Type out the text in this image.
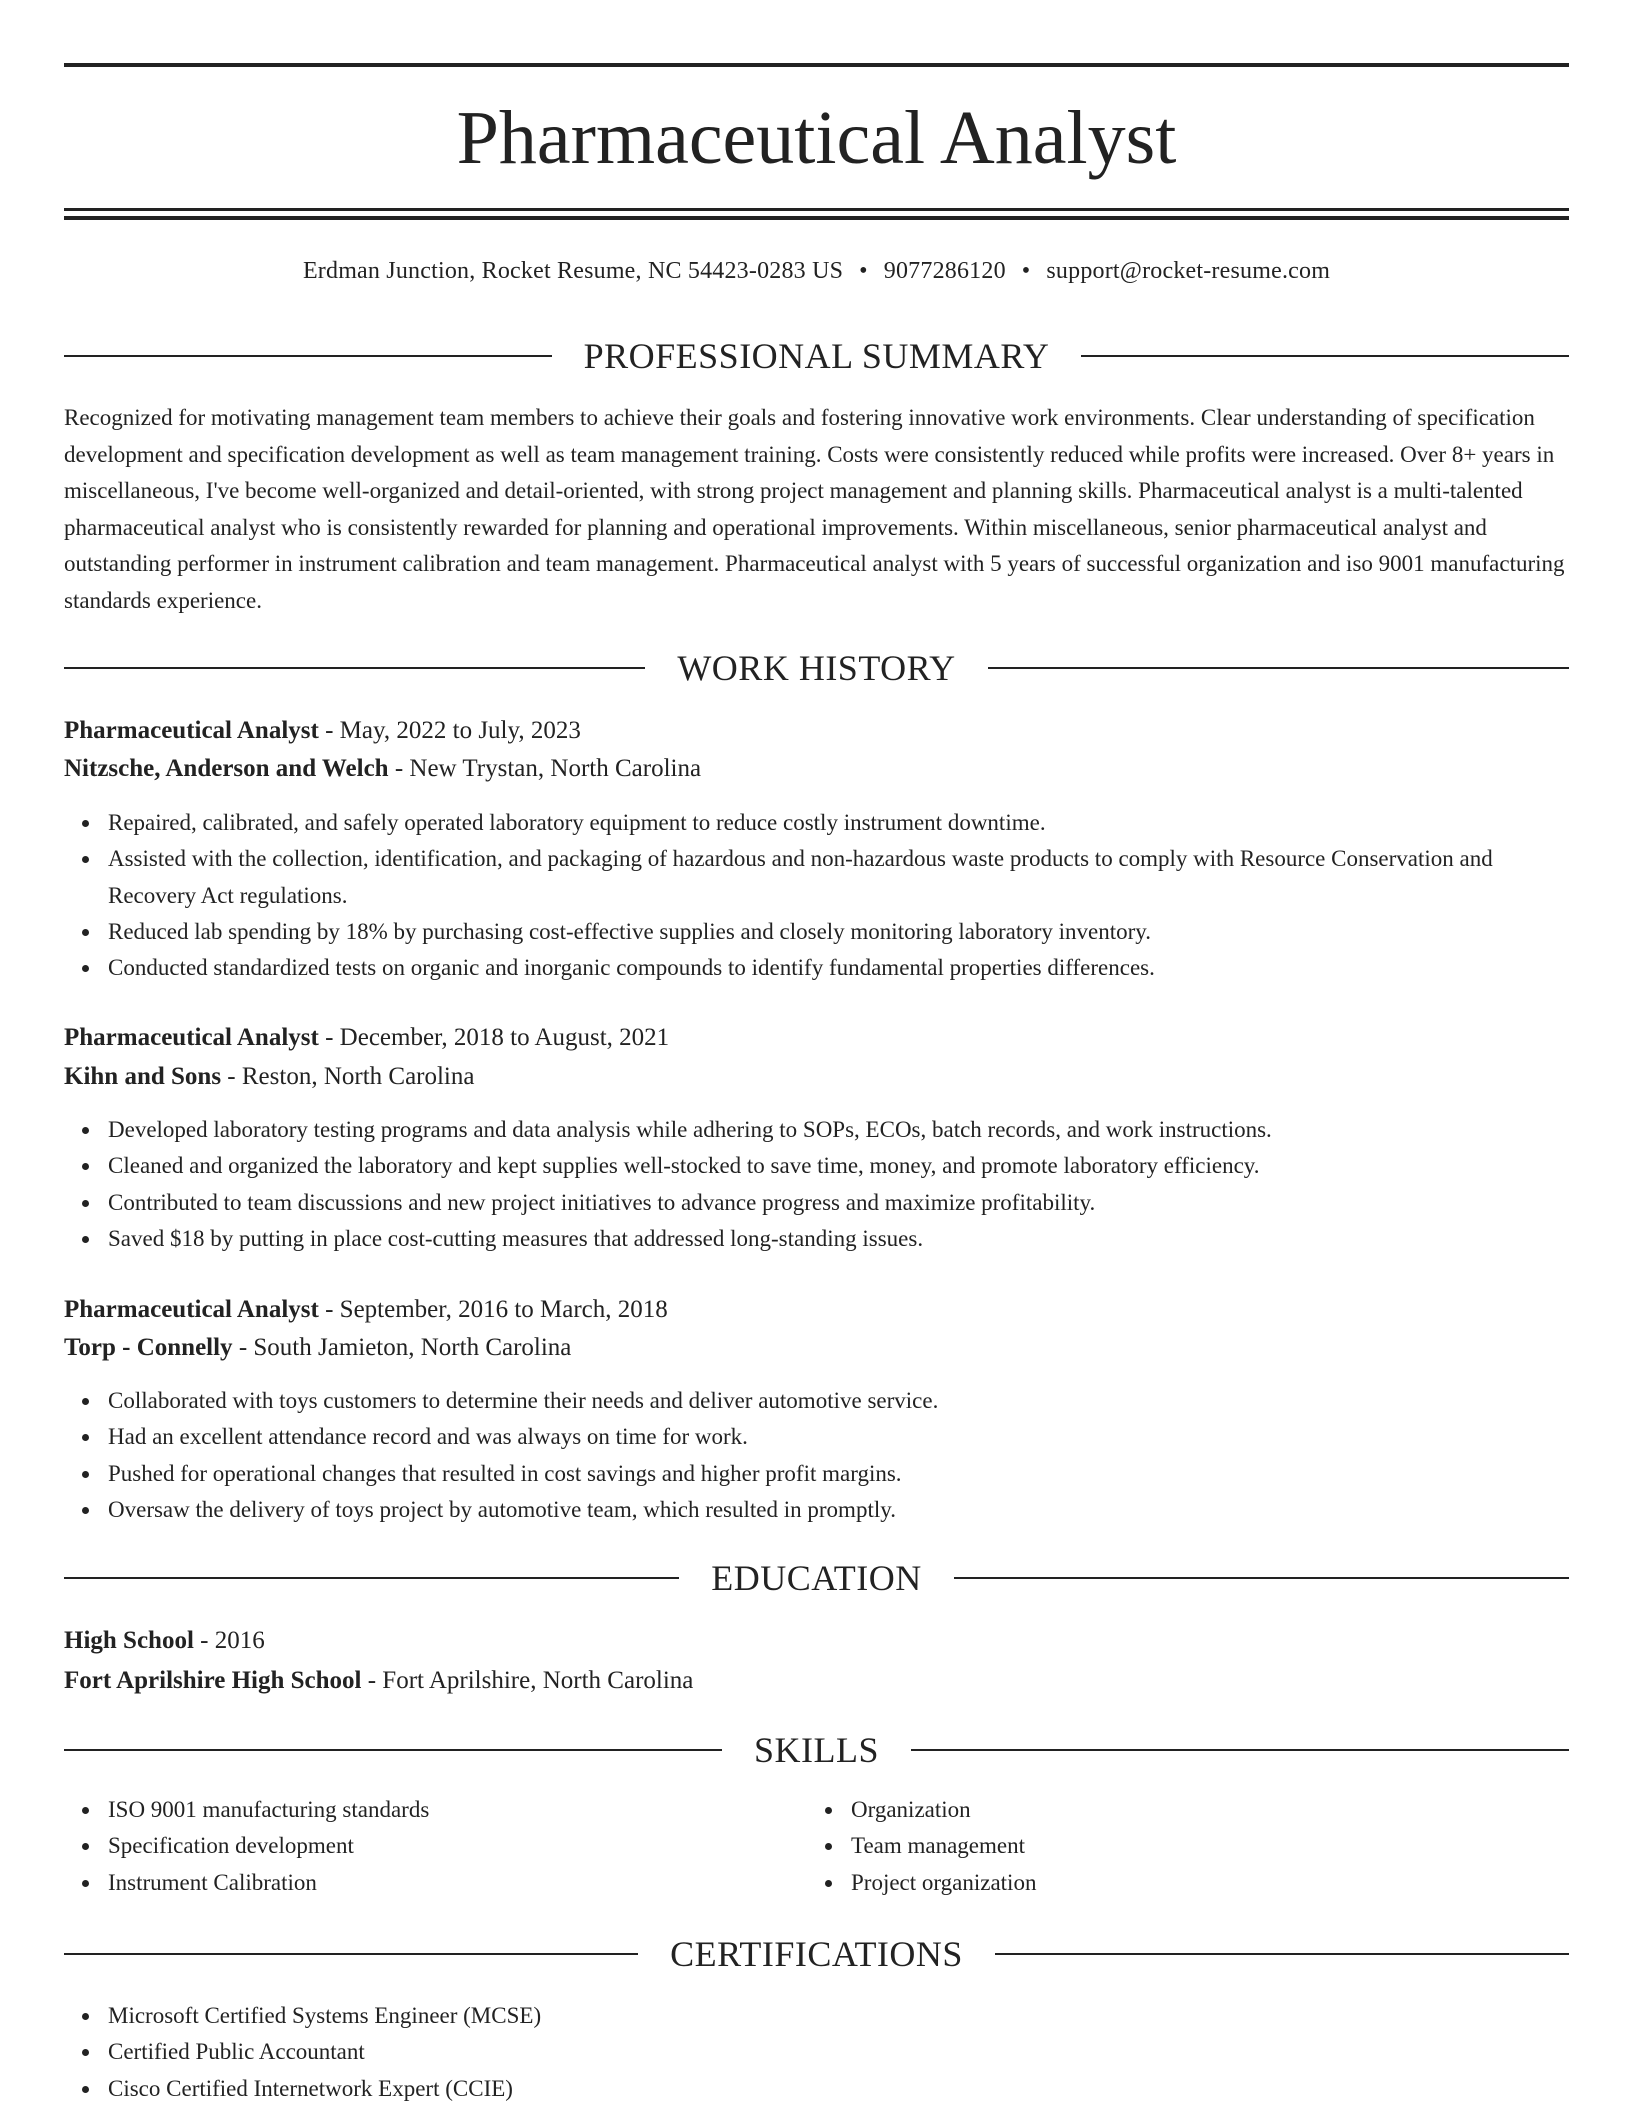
Pharmaceutical Analyst
Erdman Junction, Rocket Resume, NC 54423-0283 US • 9077286120 • support@rocket-resume.com
PROFESSIONAL SUMMARY

Recognized for motivating management team members to achieve their goals and fostering innovative work environments. Clear understanding of specification development and specification development as well as team management training. Costs were consistently reduced while profits were increased. Over 8+ years in miscellaneous, I've become well-organized and detail-oriented, with strong project management and planning skills. Pharmaceutical analyst is a multi-talented pharmaceutical analyst who is consistently rewarded for planning and operational improvements. Within miscellaneous, senior pharmaceutical analyst and outstanding performer in instrument calibration and team management. Pharmaceutical analyst with 5 years of successful organization and iso 9001 manufacturing standards experience.

WORK HISTORY
Pharmaceutical Analyst - May, 2022 to July, 2023
Nitzsche, Anderson and Welch - New Trystan, North Carolina
Repaired, calibrated, and safely operated laboratory equipment to reduce costly instrument downtime.
Assisted with the collection, identification, and packaging of hazardous and non-hazardous waste products to comply with Resource Conservation and Recovery Act regulations.
Reduced lab spending by 18% by purchasing cost-effective supplies and closely monitoring laboratory inventory.
Conducted standardized tests on organic and inorganic compounds to identify fundamental properties differences.
Pharmaceutical Analyst - December, 2018 to August, 2021
Kihn and Sons - Reston, North Carolina
Developed laboratory testing programs and data analysis while adhering to SOPs, ECOs, batch records, and work instructions.
Cleaned and organized the laboratory and kept supplies well-stocked to save time, money, and promote laboratory efficiency.
Contributed to team discussions and new project initiatives to advance progress and maximize profitability.
Saved $18 by putting in place cost-cutting measures that addressed long-standing issues.
Pharmaceutical Analyst - September, 2016 to March, 2018
Torp - Connelly - South Jamieton, North Carolina
Collaborated with toys customers to determine their needs and deliver automotive service.
Had an excellent attendance record and was always on time for work.
Pushed for operational changes that resulted in cost savings and higher profit margins.
Oversaw the delivery of toys project by automotive team, which resulted in promptly.
EDUCATION
High School - 2016
Fort Aprilshire High School - Fort Aprilshire, North Carolina
SKILLS
ISO 9001 manufacturing standards
Specification development
Instrument Calibration
Organization
Team management
Project organization
CERTIFICATIONS
Microsoft Certified Systems Engineer (MCSE)
Certified Public Accountant
Cisco Certified Internetwork Expert (CCIE)
